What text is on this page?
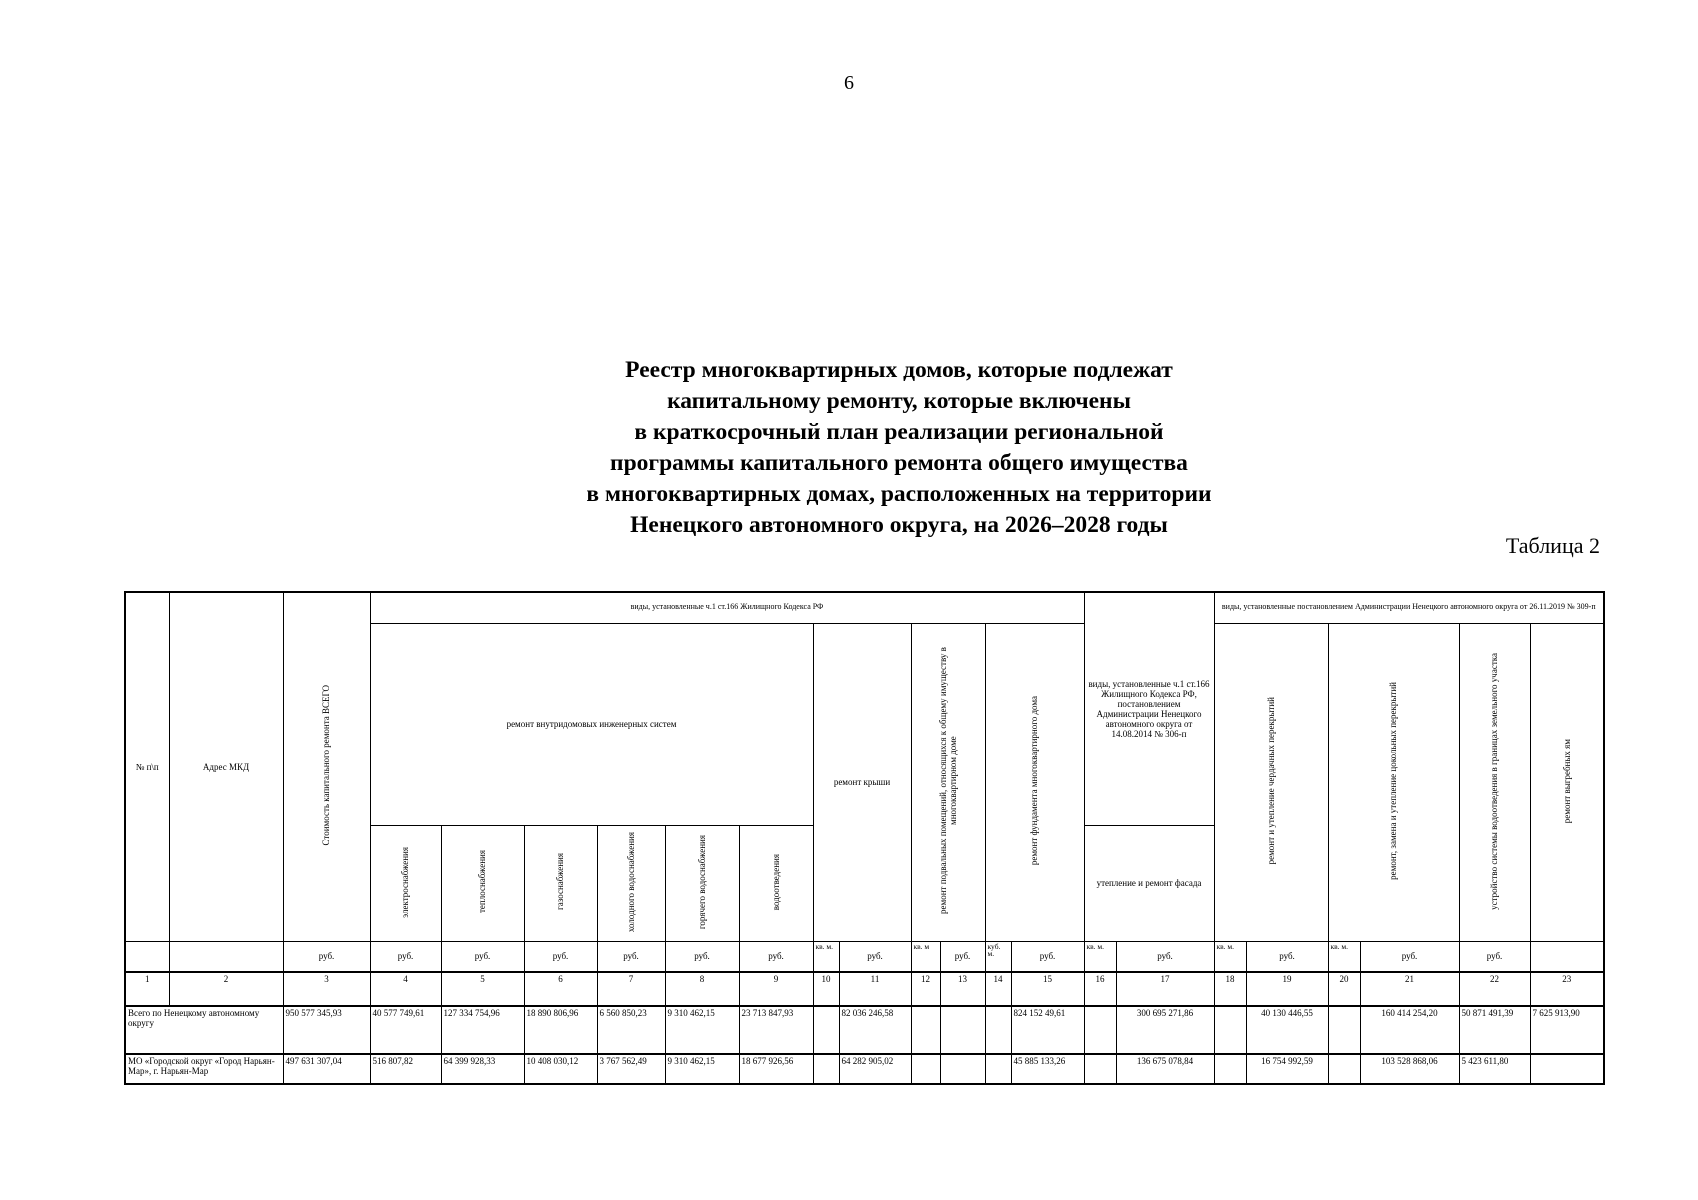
6
Реестр многоквартирных домов, которые подлежат
капитальному ремонту, которые включены
в краткосрочный план реализации региональной
программы капитального ремонта общего имущества
в многоквартирных домах, расположенных на территории
Ненецкого автономного округа, на 2026–2028 годы
Таблица 2
№ п\п	Адрес МКД	Стоимость капитального ремонта ВСЕГО	виды, установленные ч.1 ст.166 Жилищного Кодекса РФ												виды, установленные ч.1 ст.166 Жилищного Кодекса РФ, постановлением Администрации Ненецкого автономного округа от 14.08.2014 № 306-п		виды, установленные постановлением Администрации Ненецкого автономного округа от 26.11.2019 № 309-п					
			ремонт внутридомовых инженерных систем						ремонт крыши		ремонт подвальных помещений, относящихся к общему имуществу в многоквартирном доме		ремонт фундамента многоквартирного дома				ремонт и утепление чердачных перекрытий		ремонт, замена и утепление цокольных перекрытий		устройство системы водоотведения в границах земельного участка	ремонт выгребных ям
			электроснабжения	теплоснабжения	газоснабжения	холодного водоснабжения	горячего водоснабжения	водоотведения							утепление и ремонт фасада							
		руб.	руб.	руб.	руб.	руб.	руб.	руб.	кв. м.	руб.	кв. м	руб.	куб. м.	руб.	кв. м.	руб.	кв. м.	руб.	кв. м.	руб.	руб.	
1	2	3	4	5	6	7	8	9	10	11	12	13	14	15	16	17	18	19	20	21	22	23
Всего по Ненецкому автономному округу		950 577 345,93	40 577 749,61	127 334 754,96	18 890 806,96	6 560 850,23	9 310 462,15	23 713 847,93		82 036 246,58				824 152 49,61		300 695 271,86		40 130 446,55		160 414 254,20	50 871 491,39	7 625 913,90
МО «Городской округ «Город Нарьян-Мар», г. Нарьян-Мар		497 631 307,04	516 807,82	64 399 928,33	10 408 030,12	3 767 562,49	9 310 462,15	18 677 926,56		64 282 905,02				45 885 133,26		136 675 078,84		16 754 992,59		103 528 868,06	5 423 611,80	
